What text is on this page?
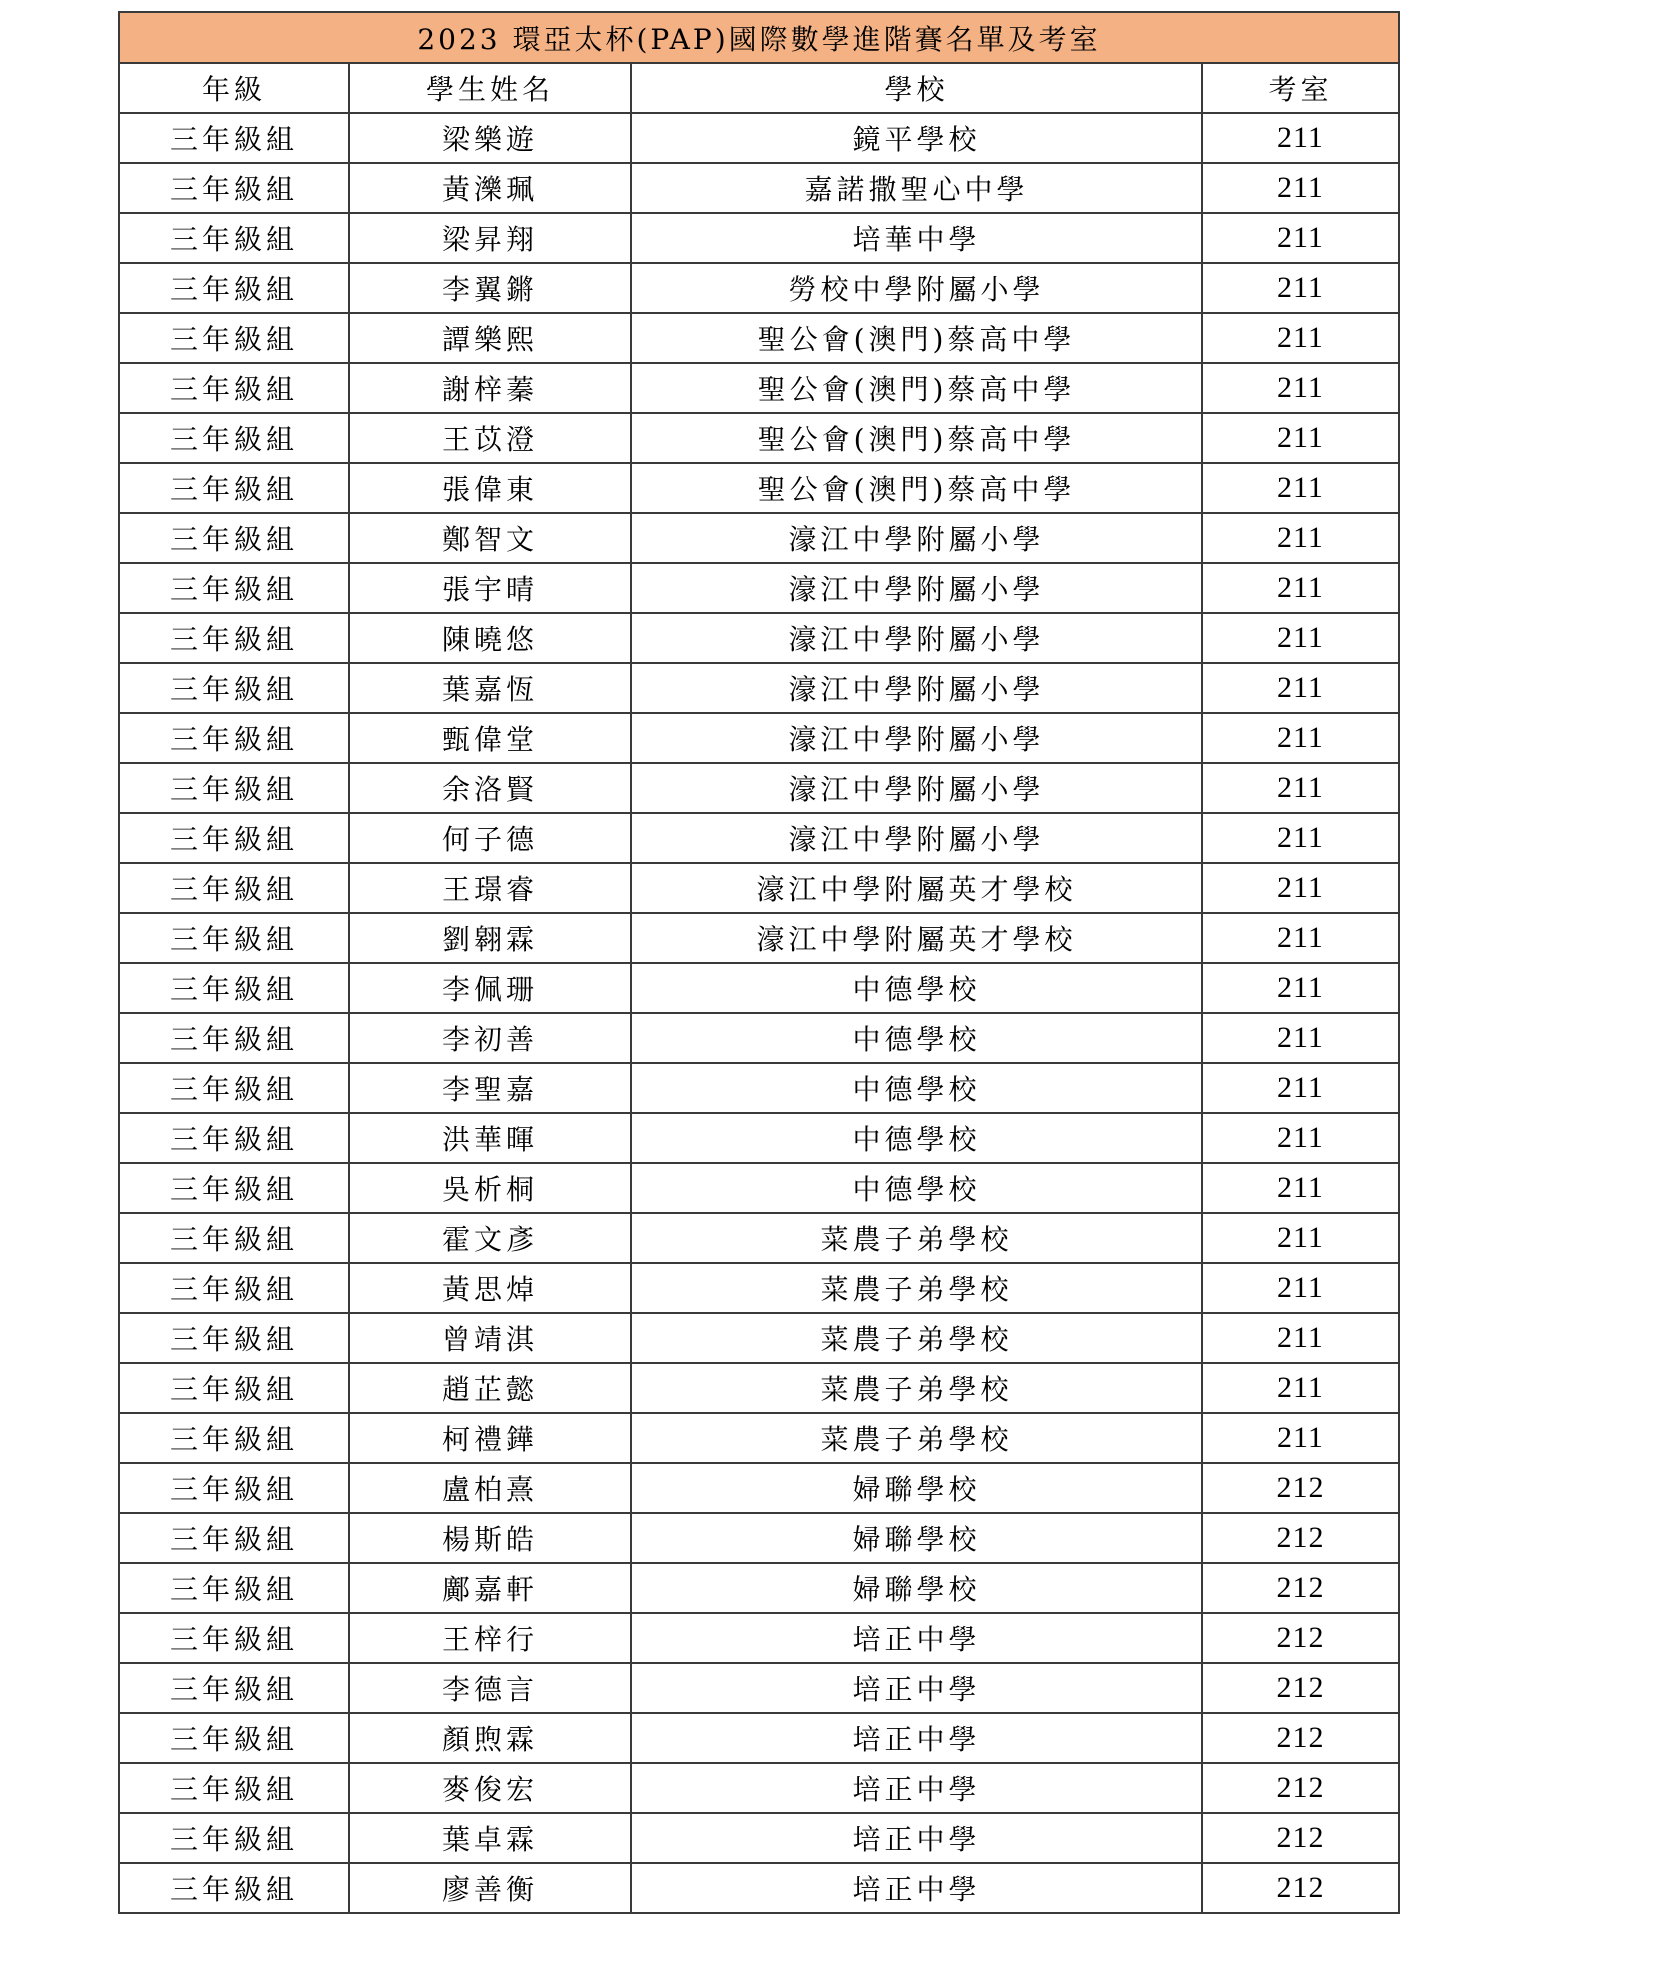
2023 環亞太杯(PAP)國際數學進階賽名單及考室			
年級	學生姓名	學校	考室
三年級組	梁樂遊	鏡平學校	211
三年級組	黃濼珮	嘉諾撒聖心中學	211
三年級組	梁昇翔	培華中學	211
三年級組	李翼鏘	勞校中學附屬小學	211
三年級組	譚樂熙	聖公會(澳門)蔡高中學	211
三年級組	謝梓蓁	聖公會(澳門)蔡高中學	211
三年級組	王苡澄	聖公會(澳門)蔡高中學	211
三年級組	張偉東	聖公會(澳門)蔡高中學	211
三年級組	鄭智文	濠江中學附屬小學	211
三年級組	張宇晴	濠江中學附屬小學	211
三年級組	陳曉悠	濠江中學附屬小學	211
三年級組	葉嘉恆	濠江中學附屬小學	211
三年級組	甄偉堂	濠江中學附屬小學	211
三年級組	余洛賢	濠江中學附屬小學	211
三年級組	何子德	濠江中學附屬小學	211
三年級組	王璟睿	濠江中學附屬英才學校	211
三年級組	劉翱霖	濠江中學附屬英才學校	211
三年級組	李佩珊	中德學校	211
三年級組	李初善	中德學校	211
三年級組	李聖嘉	中德學校	211
三年級組	洪華暉	中德學校	211
三年級組	吳析桐	中德學校	211
三年級組	霍文彥	菜農子弟學校	211
三年級組	黃思焯	菜農子弟學校	211
三年級組	曾靖淇	菜農子弟學校	211
三年級組	趙芷懿	菜農子弟學校	211
三年級組	柯禮鏵	菜農子弟學校	211
三年級組	盧柏熹	婦聯學校	212
三年級組	楊斯皓	婦聯學校	212
三年級組	鄺嘉軒	婦聯學校	212
三年級組	王梓行	培正中學	212
三年級組	李德言	培正中學	212
三年級組	顏煦霖	培正中學	212
三年級組	麥俊宏	培正中學	212
三年級組	葉卓霖	培正中學	212
三年級組	廖善衡	培正中學	212
